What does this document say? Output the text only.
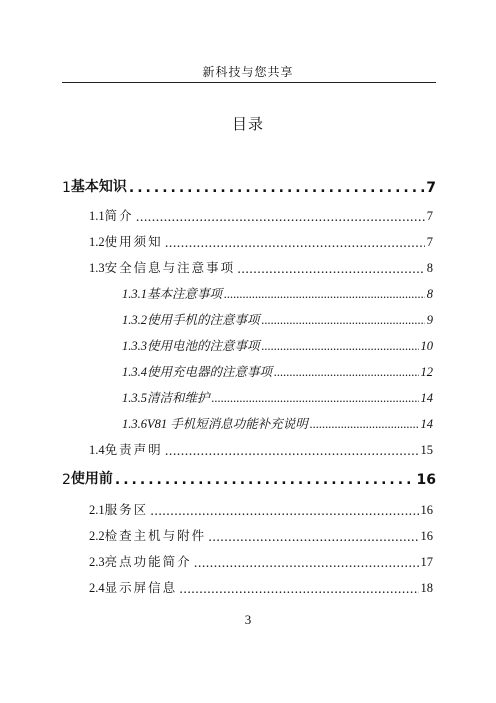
新科技与您共享
目录
1 基本知识 .....	7
1.1 简介 .....	7
1.2 使用须知 .....	7
1.3 安全信息与注意事项 .....	8
1.3.1 基本注意事项 .....	8
1.3.2 使用手机的注意事项 .....	9
1.3.3 使用电池的注意事项 .....	10
1.3.4 使用充电器的注意事项 .....	12
1.3.5 清洁和维护 .....	14
1.3.6 V81 手机短消息功能补充说明 .....	14
1.4 免责声明 .....	15
2 使用前 .....	16
2.1 服务区 .....	16
2.2 检查主机与附件 .....	16
2.3 亮点功能简介 .....	17
2.4 显示屏信息 .....	18
3
